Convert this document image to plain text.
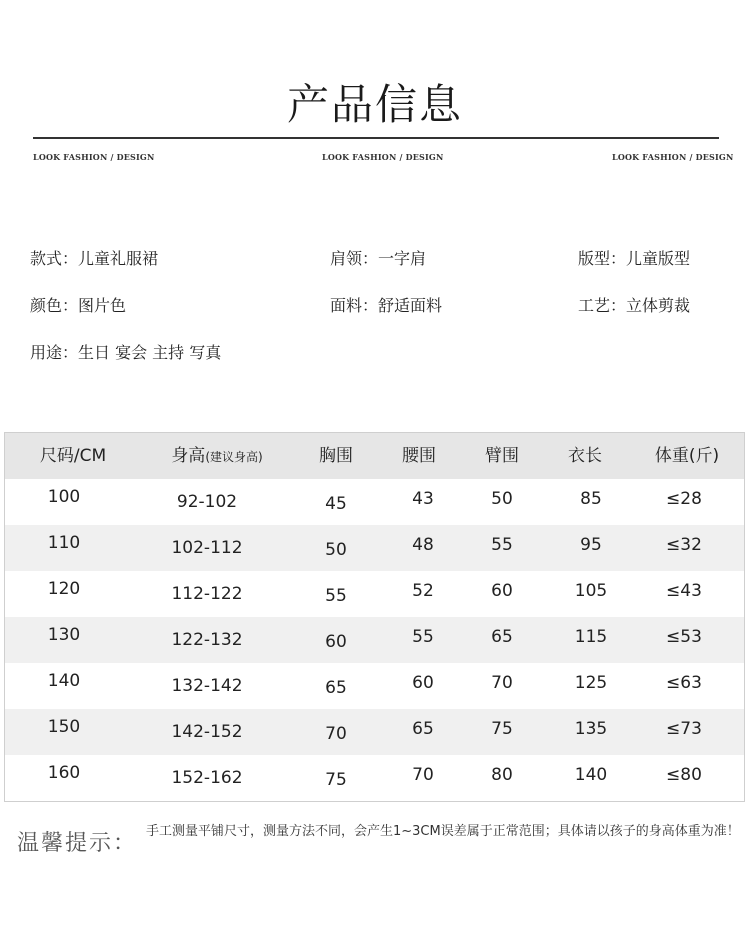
产品信息
LOOK FASHION / DESIGN	LOOK FASHION / DESIGN	LOOK FASHION / DESIGN
款式：儿童礼服裙	肩领：一字肩	版型：儿童版型
颜色：图片色	面料：舒适面料	工艺：立体剪裁
用途：生日 宴会 主持 写真
尺码/CM	身高(建议身高)	胸围	腰围	臂围	衣长	体重(斤)
100	92-102	45	43	50	85	≤28
110	102-112	50	48	55	95	≤32
120	112-122	55	52	60	105	≤43
130	122-132	60	55	65	115	≤53
140	132-142	65	60	70	125	≤63
150	142-152	70	65	75	135	≤73
160	152-162	75	70	80	140	≤80
温馨提示： 手工测量平铺尺寸，测量方法不同，会产生1~3CM误差属于正常范围；具体请以孩子的身高体重为准！
